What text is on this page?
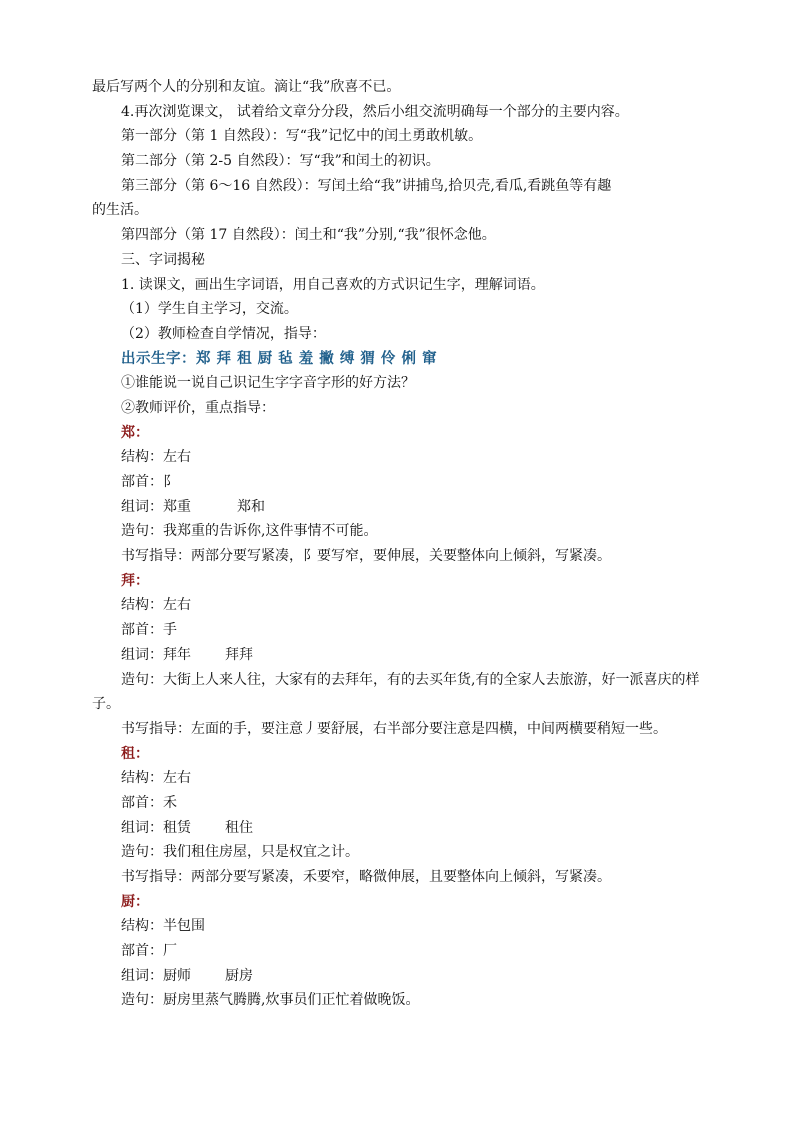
最后写两个人的分别和友谊。滴让“我”欣喜不已。
4.再次浏览课文， 试着给文章分分段，然后小组交流明确每一个部分的主要内容。
第一部分（第 1 自然段）：写“我”记忆中的闰土勇敢机敏。
第二部分（第 2-5 自然段）：写“我”和闰土的初识。
第三部分（第 6～16 自然段）：写闰土给“我”讲捕鸟,拾贝壳,看瓜,看跳鱼等有趣
的生活。
第四部分（第 17 自然段）：闰土和“我”分别,“我”很怀念他。
三、字词揭秘
1. 读课文，画出生字词语，用自己喜欢的方式识记生字，理解词语。
（1）学生自主学习，交流。
（2）教师检查自学情况，指导：
出示生字：郑 拜 租 厨 毡 羞 撇 缚 猬 伶 俐 窜
①谁能说一说自己识记生字字音字形的好方法？
②教师评价，重点指导：
郑：
结构：左右
部首：阝
组词：郑重	郑和
造句：我郑重的告诉你,这件事情不可能。
书写指导：两部分要写紧凑，阝要写窄，要伸展，关要整体向上倾斜，写紧凑。
拜：
结构：左右
部首：手
组词：拜年 拜拜
造句：大街上人来人往，大家有的去拜年，有的去买年货,有的全家人去旅游，好一派喜庆的样子。
书写指导：左面的手，要注意丿要舒展，右半部分要注意是四横，中间两横要稍短一些。
租：
结构：左右
部首：禾
组词：租赁 租住
造句：我们租住房屋，只是权宜之计。
书写指导：两部分要写紧凑，禾要窄，略微伸展，且要整体向上倾斜，写紧凑。
厨：
结构：半包围
部首：厂
组词：厨师 厨房
造句：厨房里蒸气腾腾,炊事员们正忙着做晚饭。
